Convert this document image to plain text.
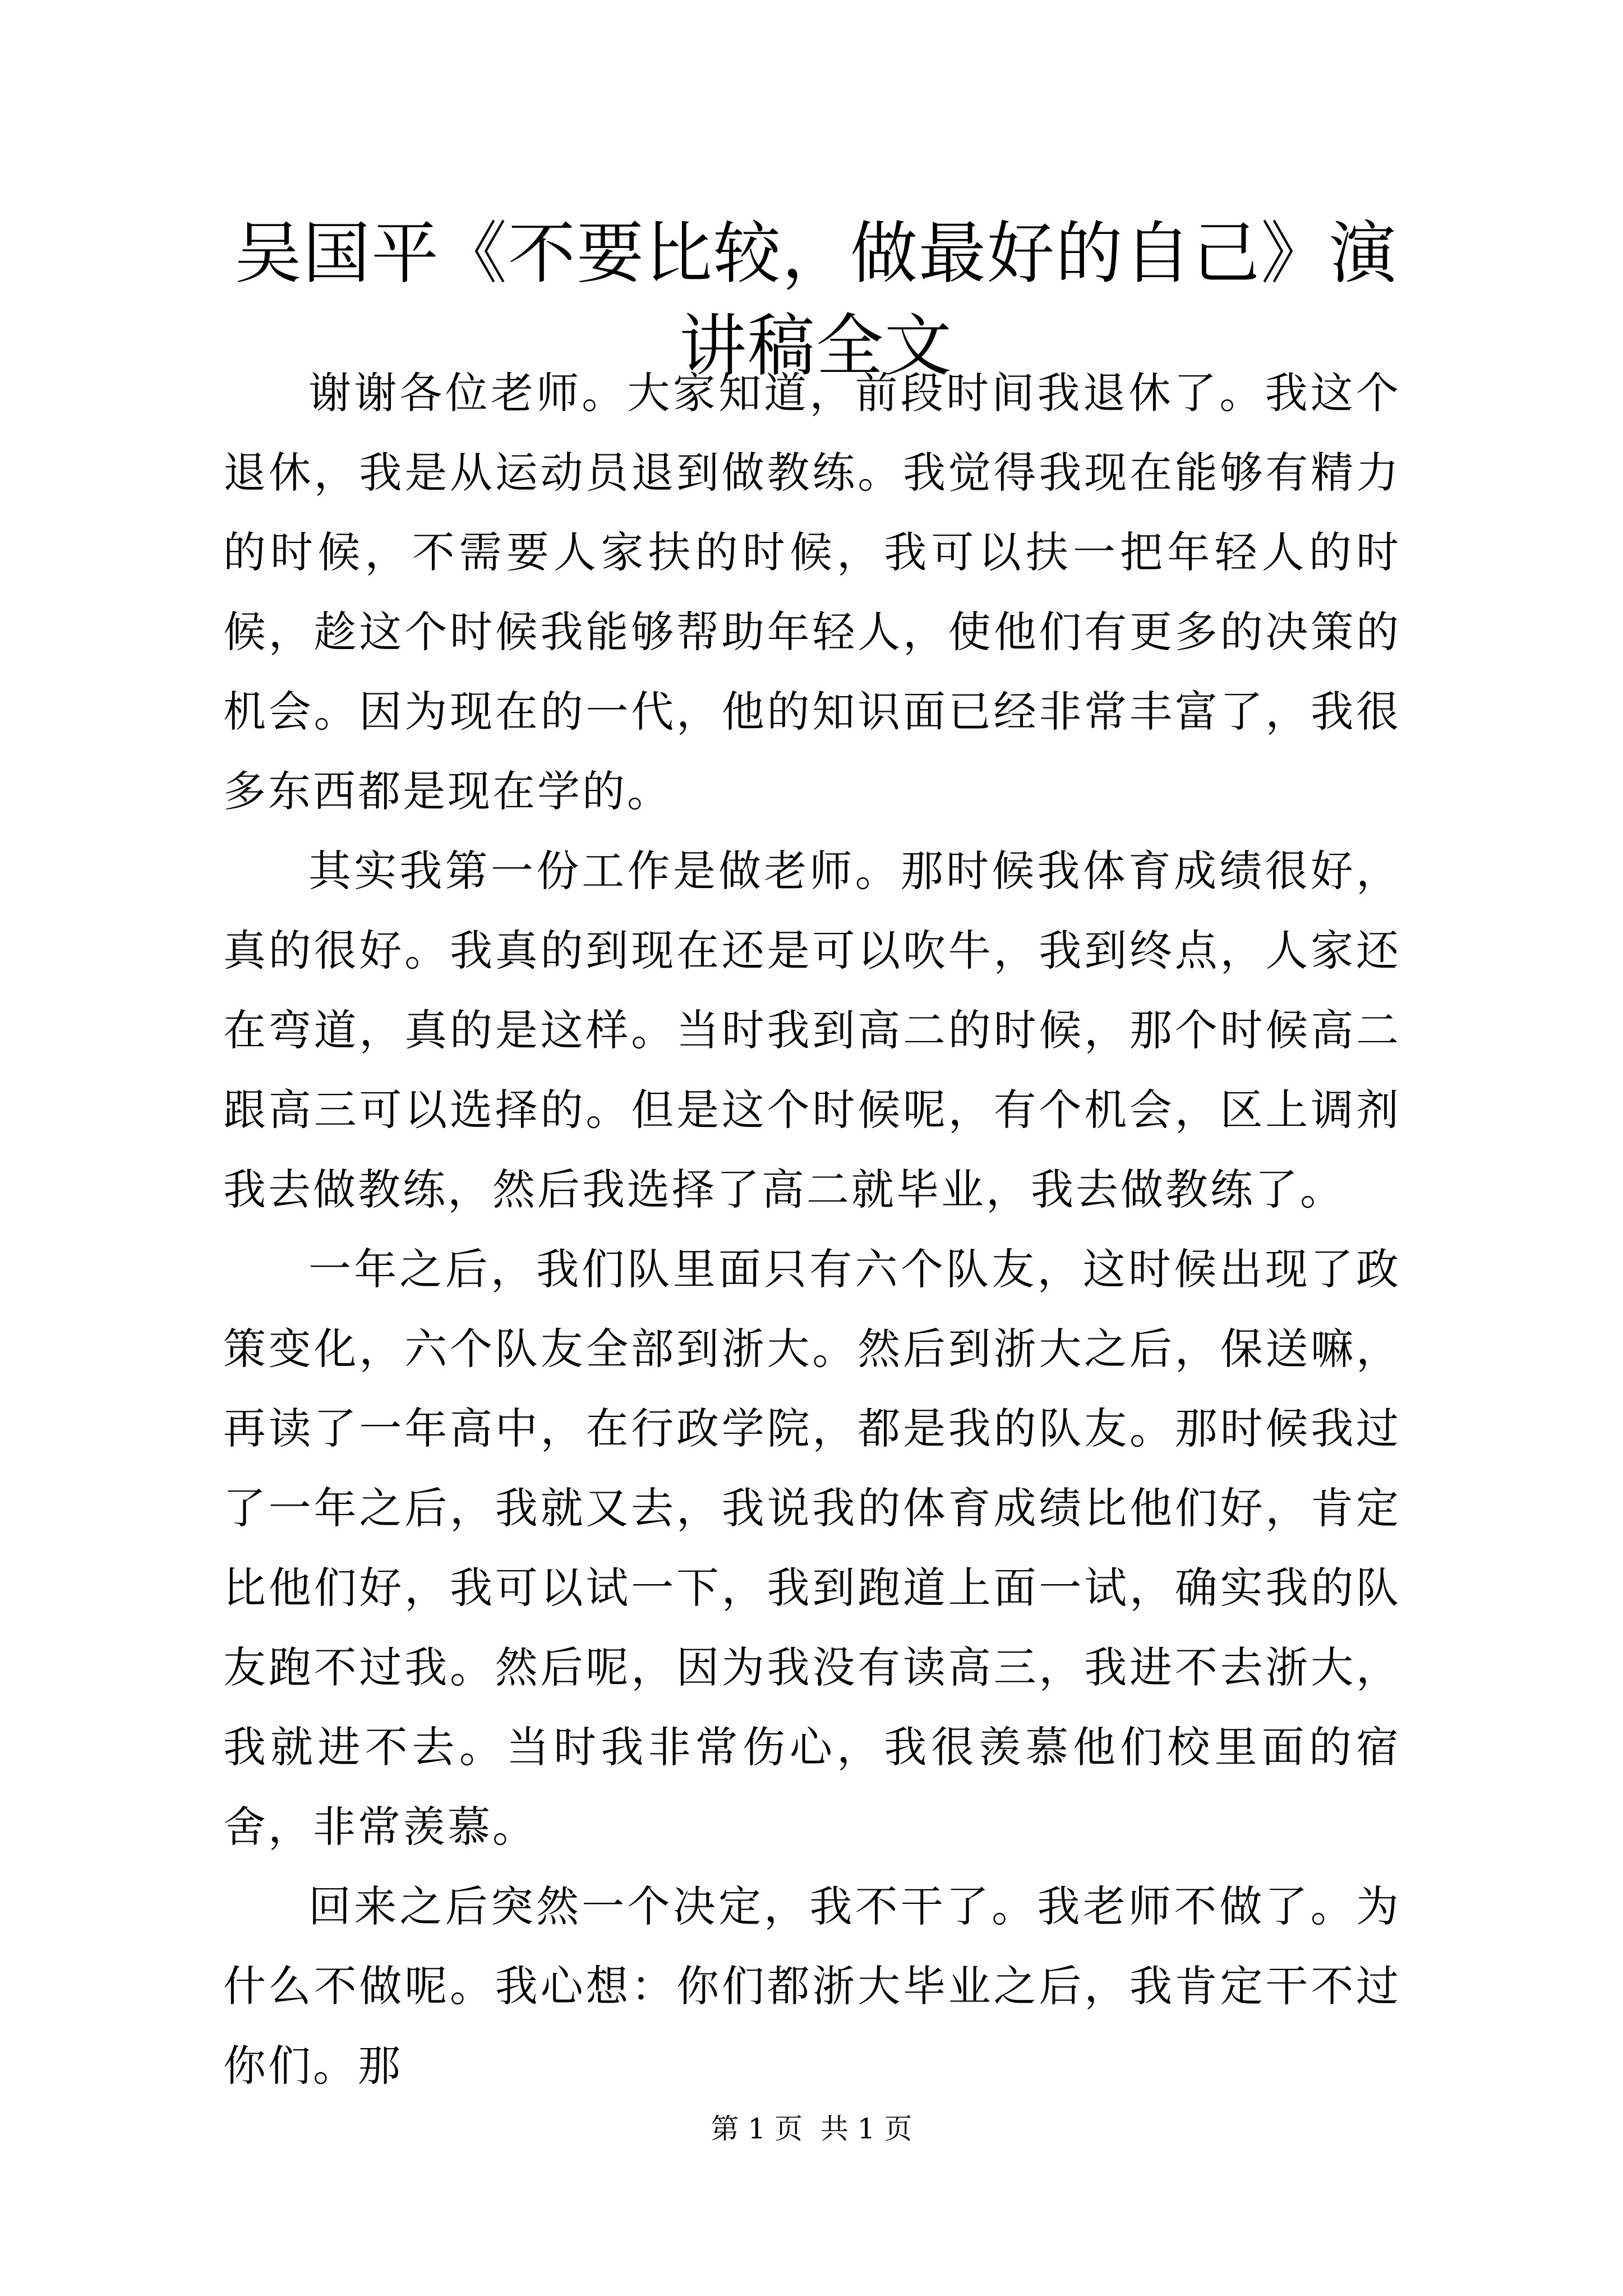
吴国平《不要比较，做最好的自己》演讲稿全文

谢谢各位老师。大家知道，前段时间我退休了。我这个退休，我是从运动员退到做教练。我觉得我现在能够有精力的时候，不需要人家扶的时候，我可以扶一把年轻人的时候，趁这个时候我能够帮助年轻人，使他们有更多的决策的机会。因为现在的一代，他的知识面已经非常丰富了，我很多东西都是现在学的。

其实我第一份工作是做老师。那时候我体育成绩很好，真的很好。我真的到现在还是可以吹牛，我到终点，人家还在弯道，真的是这样。当时我到高二的时候，那个时候高二跟高三可以选择的。但是这个时候呢，有个机会，区上调剂我去做教练，然后我选择了高二就毕业，我去做教练了。

一年之后，我们队里面只有六个队友，这时候出现了政策变化，六个队友全部到浙大。然后到浙大之后，保送嘛，再读了一年高中，在行政学院，都是我的队友。那时候我过了一年之后，我就又去，我说我的体育成绩比他们好，肯定比他们好，我可以试一下，我到跑道上面一试，确实我的队友跑不过我。然后呢，因为我没有读高三，我进不去浙大，我就进不去。当时我非常伤心，我很羡慕他们校里面的宿舍，非常羡慕。

回来之后突然一个决定，我不干了。我老师不做了。为什么不做呢。我心想：你们都浙大毕业之后，我肯定干不过你们。那

第 1 页  共 1 页
